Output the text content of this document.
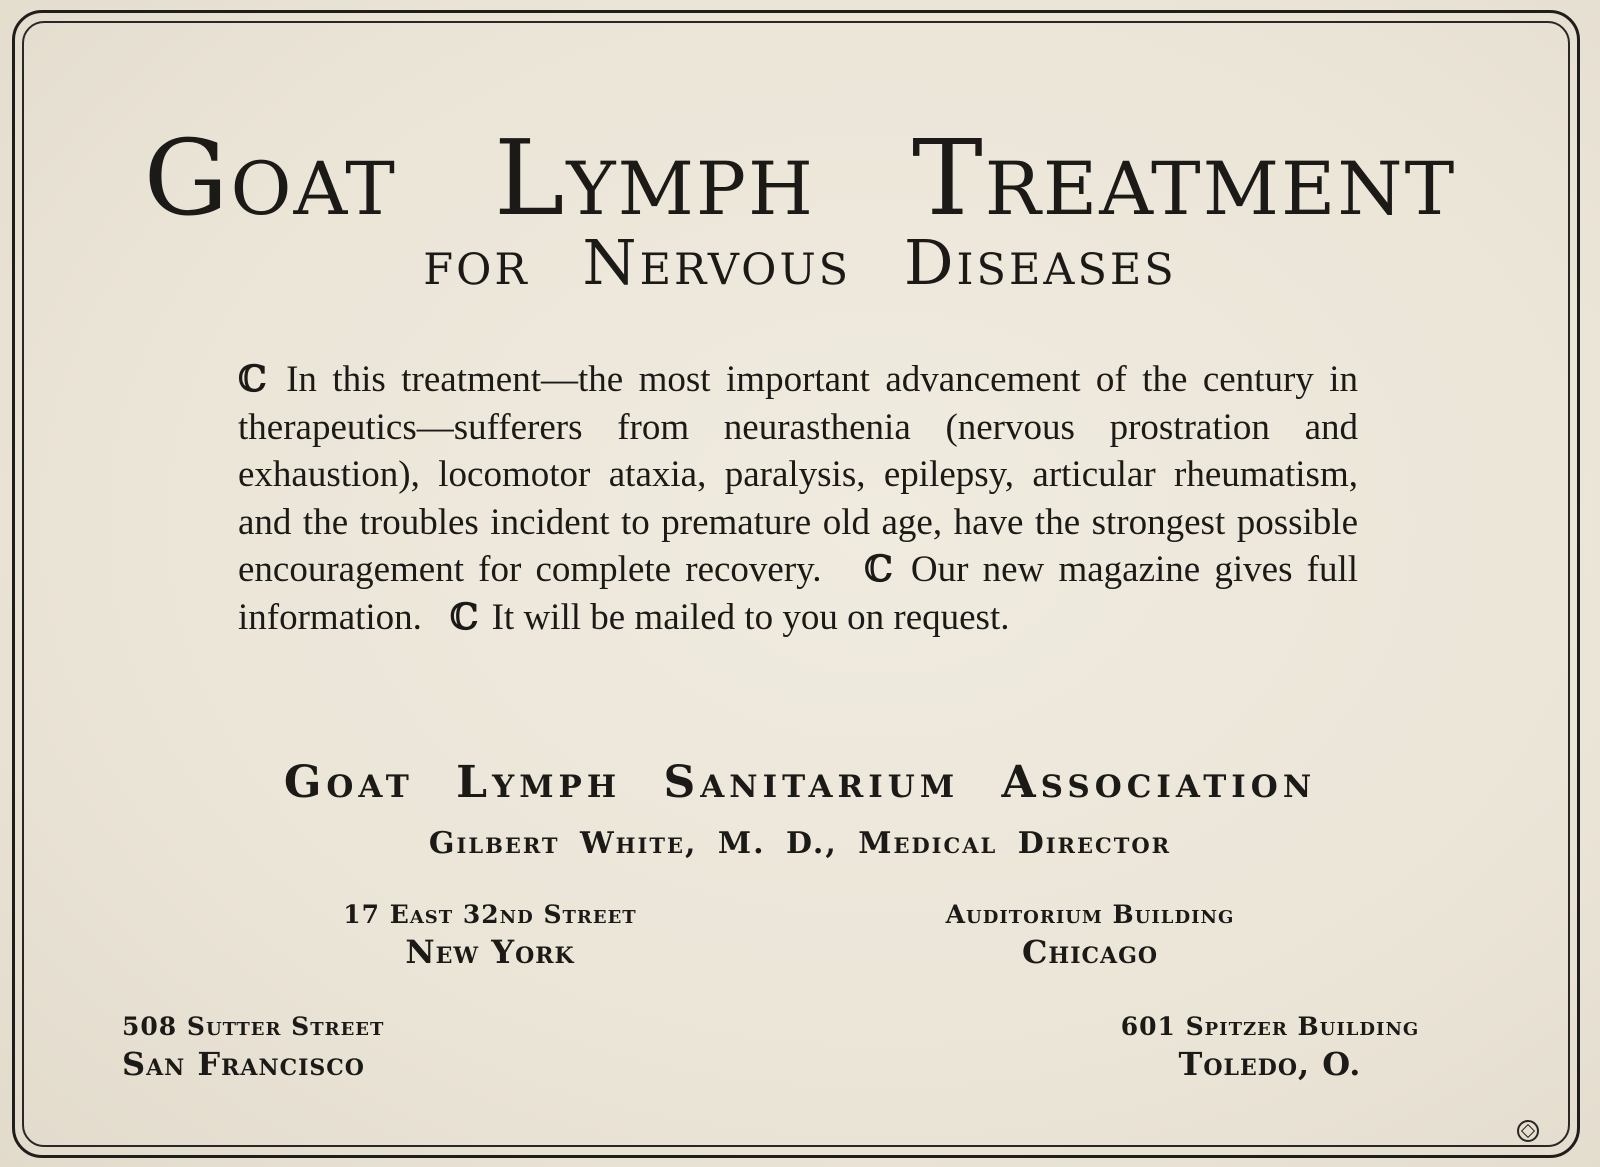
Goat Lymph Treatment
for Nervous Diseases

ℂ In this treatment—the most important advancement of the century in therapeutics—sufferers from neurasthenia (nervous prostration and exhaustion), locomotor ataxia, paralysis, epilepsy, articular rheumatism, and the troubles incident to premature old age, have the strongest possible encouragement for complete recovery. ℂ Our new magazine gives full information. ℂ It will be mailed to you on request.

Goat Lymph Sanitarium Association
Gilbert White, M. D., Medical Director
17 East 32nd Street
New York
Auditorium Building
Chicago
508 Sutter Street
San Francisco
601 Spitzer Building
Toledo, O.
